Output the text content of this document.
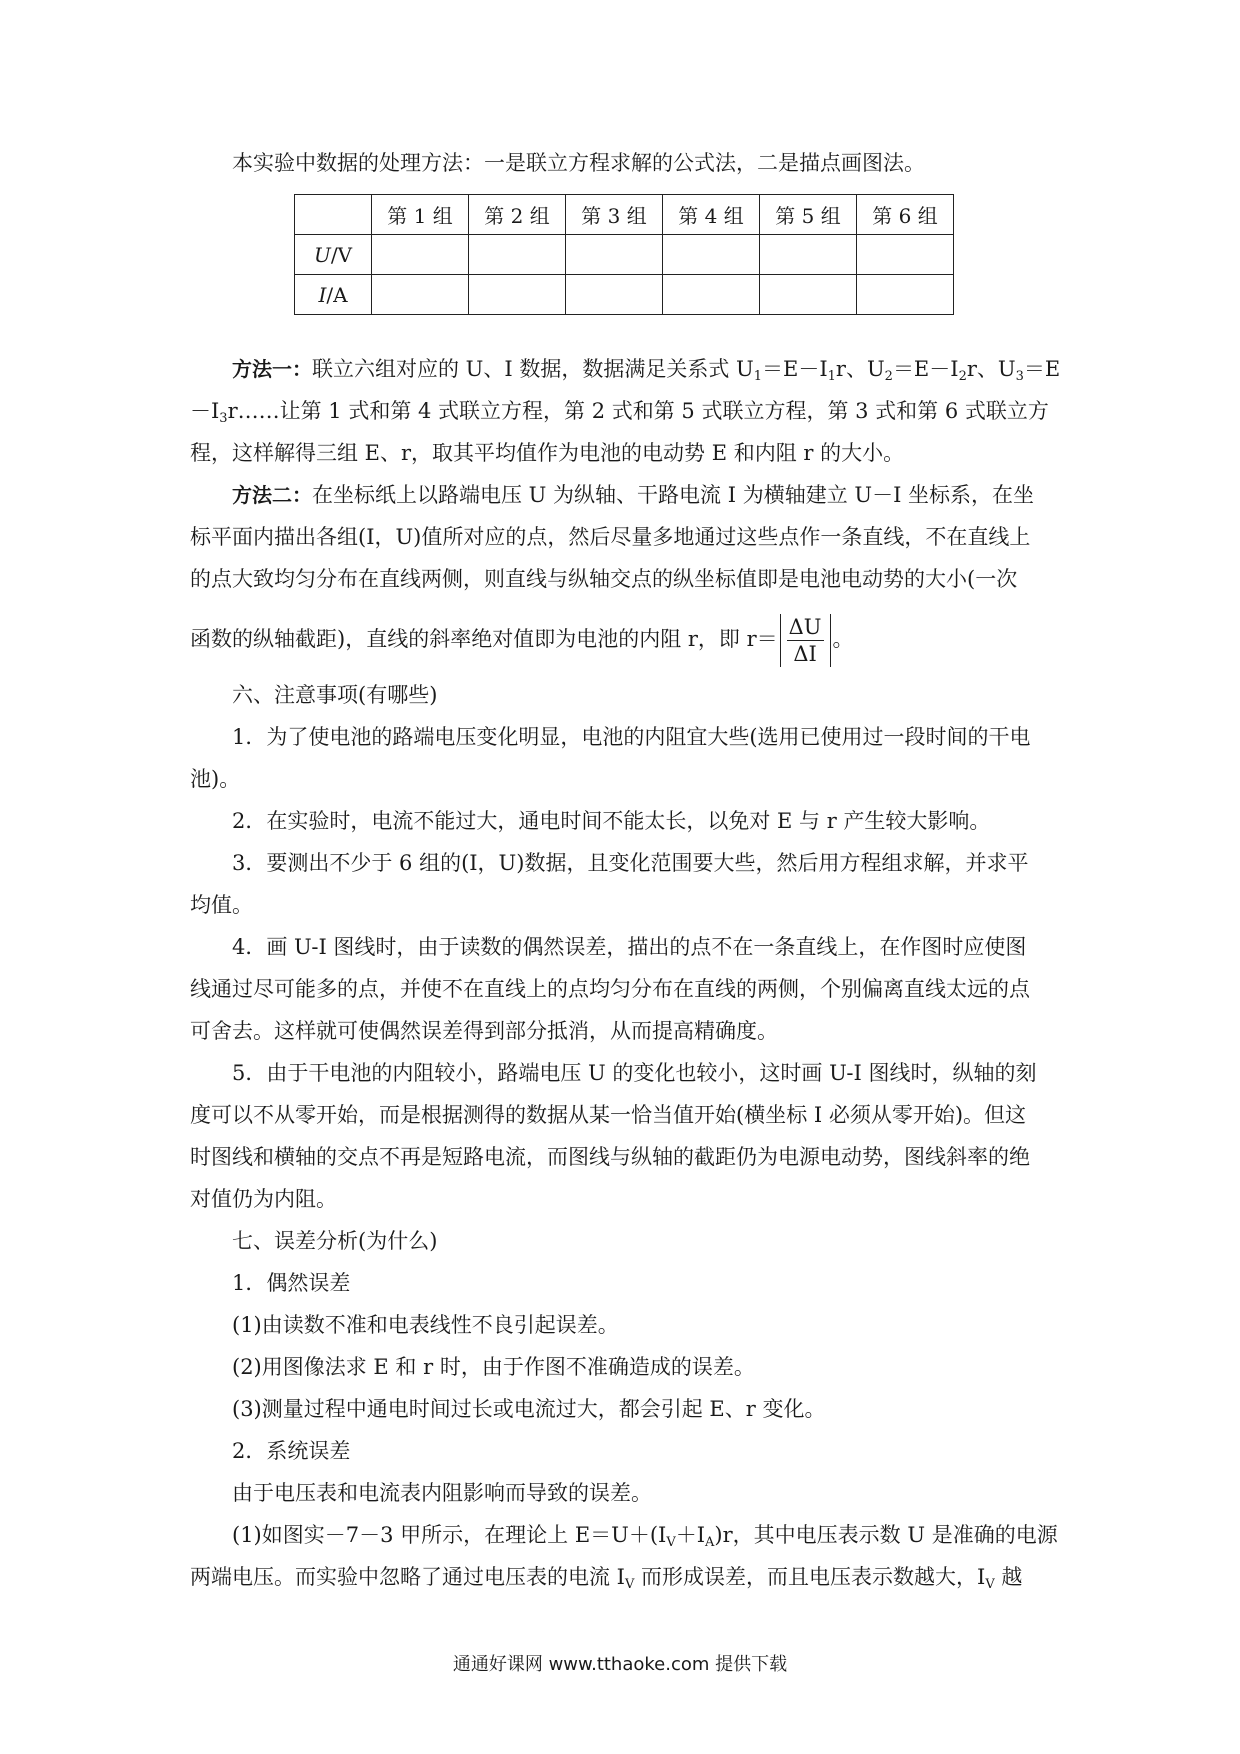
本实验中数据的处理方法：一是联立方程求解的公式法，二是描点画图法。
	第 1 组	第 2 组	第 3 组	第 4 组	第 5 组	第 6 组
U/V						
I/A						
方法一：联立六组对应的 U、I 数据，数据满足关系式 $U_1=E-I_1r$、$U_2=E-I_2r$、$U_3=E$
$-I_3r\dots\dots$让第 1 式和第 4 式联立方程，第 2 式和第 5 式联立方程，第 3 式和第 6 式联立方
程，这样解得三组 E、r，取其平均值作为电池的电动势 E 和内阻 r 的大小。
方法二：在坐标纸上以路端电压 U 为纵轴、干路电流 I 为横轴建立 U－I 坐标系，在坐
标平面内描出各组(I，U)值所对应的点，然后尽量多地通过这些点作一条直线，不在直线上
的点大致均匀分布在直线两侧，则直线与纵轴交点的纵坐标值即是电池电动势的大小(一次
函数的纵轴截距)，直线的斜率绝对值即为电池的内阻 r，即 $r= \frac{\Delta U}{\Delta I}$ 。
六、注意事项(有哪些)
1．为了使电池的路端电压变化明显，电池的内阻宜大些(选用已使用过一段时间的干电
池)。
2．在实验时，电流不能过大，通电时间不能太长，以免对 E 与 r 产生较大影响。
3．要测出不少于 6 组的(I，U)数据，且变化范围要大些，然后用方程组求解，并求平
均值。
4．画 U-I 图线时，由于读数的偶然误差，描出的点不在一条直线上，在作图时应使图
线通过尽可能多的点，并使不在直线上的点均匀分布在直线的两侧，个别偏离直线太远的点
可舍去。这样就可使偶然误差得到部分抵消，从而提高精确度。
5．由于干电池的内阻较小，路端电压 U 的变化也较小，这时画 U-I 图线时，纵轴的刻
度可以不从零开始，而是根据测得的数据从某一恰当值开始(横坐标 I 必须从零开始)。但这
时图线和横轴的交点不再是短路电流，而图线与纵轴的截距仍为电源电动势，图线斜率的绝
对值仍为内阻。
七、误差分析(为什么)
1．偶然误差
(1)由读数不准和电表线性不良引起误差。
(2)用图像法求 E 和 r 时，由于作图不准确造成的误差。
(3)测量过程中通电时间过长或电流过大，都会引起 E、r 变化。
2．系统误差
由于电压表和电流表内阻影响而导致的误差。
(1)如图实－7－3 甲所示，在理论上 $E=U+(I_V+I_A)r$，其中电压表示数 U 是准确的电源
两端电压。而实验中忽略了通过电压表的电流 $I_V$ 而形成误差，而且电压表示数越大，$I_V$ 越
通通好课网 www.tthaoke.com 提供下载
